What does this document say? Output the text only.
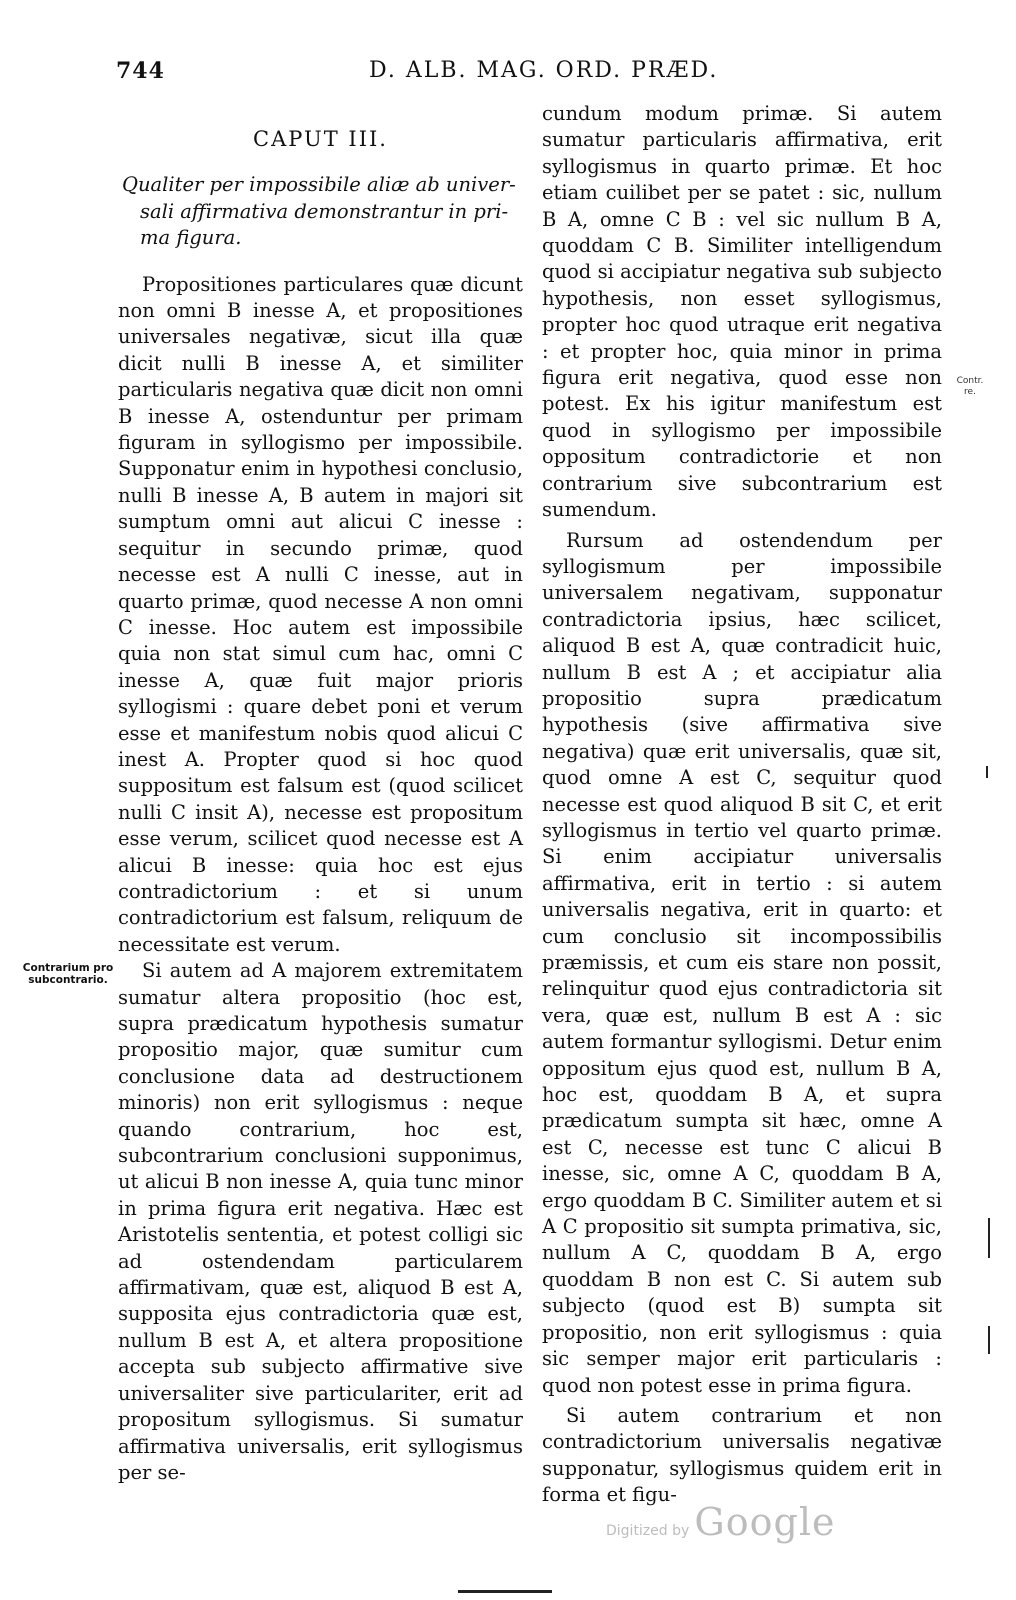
744	D. ALB. MAG. ORD. PRÆD.
CAPUT III.

Qualiter per impossibile aliæ ab univer-

sali affirmativa demonstrantur in pri-

ma figura.

Propositiones particulares quæ dicunt non omni B inesse A, et propositiones universales negativæ, sicut illa quæ dicit nulli B inesse A, et similiter particularis negativa quæ dicit non omni B inesse A, ostenduntur per primam figuram in syllogismo per impossibile. Supponatur enim in hypothesi conclusio, nulli B inesse A, B autem in majori sit sumptum omni aut alicui C inesse : sequitur in secundo primæ, quod necesse est A nulli C inesse, aut in quarto primæ, quod necesse A non omni C inesse. Hoc autem est impossibile quia non stat simul cum hac, omni C inesse A, quæ fuit major prioris syllogismi : quare debet poni et verum esse et manifestum nobis quod alicui C inest A. Propter quod si hoc quod suppositum est falsum est (quod scilicet nulli C insit A), necesse est propositum esse verum, scilicet quod necesse est A alicui B inesse: quia hoc est ejus contradictorium : et si unum contradictorium est falsum, reliquum de necessitate est verum.

Si autem ad A majorem extremitatem sumatur altera propositio (hoc est, supra prædicatum hypothesis sumatur propositio major, quæ sumitur cum conclusione data ad destructionem minoris) non erit syllogismus : neque quando contrarium, hoc est, subcontrarium conclusioni supponimus, ut alicui B non inesse A, quia tunc minor in prima figura erit negativa. Hæc est Aristotelis sententia, et potest colligi sic ad ostendendam particularem affirmativam, quæ est, aliquod B est A, supposita ejus contradictoria quæ est, nullum B est A, et altera propositione accepta sub subjecto affirmative sive universaliter sive particulariter, erit ad propositum syllogismus. Si sumatur affirmativa universalis, erit syllogismus per se-

cundum modum primæ. Si autem sumatur particularis affirmativa, erit syllogismus in quarto primæ. Et hoc etiam cuilibet per se patet : sic, nullum B A, omne C B : vel sic nullum B A, quoddam C B. Similiter intelligendum quod si accipiatur negativa sub subjecto hypothesis, non esset syllogismus, propter hoc quod utraque erit negativa : et propter hoc, quia minor in prima figura erit negativa, quod esse non potest. Ex his igitur manifestum est quod in syllogismo per impossibile oppositum contradictorie et non contrarium sive subcontrarium est sumendum.

Rursum ad ostendendum per syllogismum per impossibile universalem negativam, supponatur contradictoria ipsius, hæc scilicet, aliquod B est A, quæ contradicit huic, nullum B est A ; et accipiatur alia propositio supra prædicatum hypothesis (sive affirmativa sive negativa) quæ erit universalis, quæ sit, quod omne A est C, sequitur quod necesse est quod aliquod B sit C, et erit syllogismus in tertio vel quarto primæ. Si enim accipiatur universalis affirmativa, erit in tertio : si autem universalis negativa, erit in quarto: et cum conclusio sit incompossibilis præmissis, et cum eis stare non possit, relinquitur quod ejus contradictoria sit vera, quæ est, nullum B est A : sic autem formantur syllogismi. Detur enim oppositum ejus quod est, nullum B A, hoc est, quoddam B A, et supra prædicatum sumpta sit hæc, omne A est C, necesse est tunc C alicui B inesse, sic, omne A C, quoddam B A, ergo quoddam B C. Similiter autem et si A C propositio sit sumpta primativa, sic, nullum A C, quoddam B A, ergo quoddam B non est C. Si autem sub subjecto (quod est B) sumpta sit propositio, non erit syllogismus : quia sic semper major erit particularis : quod non potest esse in prima figura.

Si autem contrarium et non contradictorium universalis negativæ supponatur, syllogismus quidem erit in forma et figu-

Contrarium pro subcontrario.
Contr. re.
Digitized by Google
